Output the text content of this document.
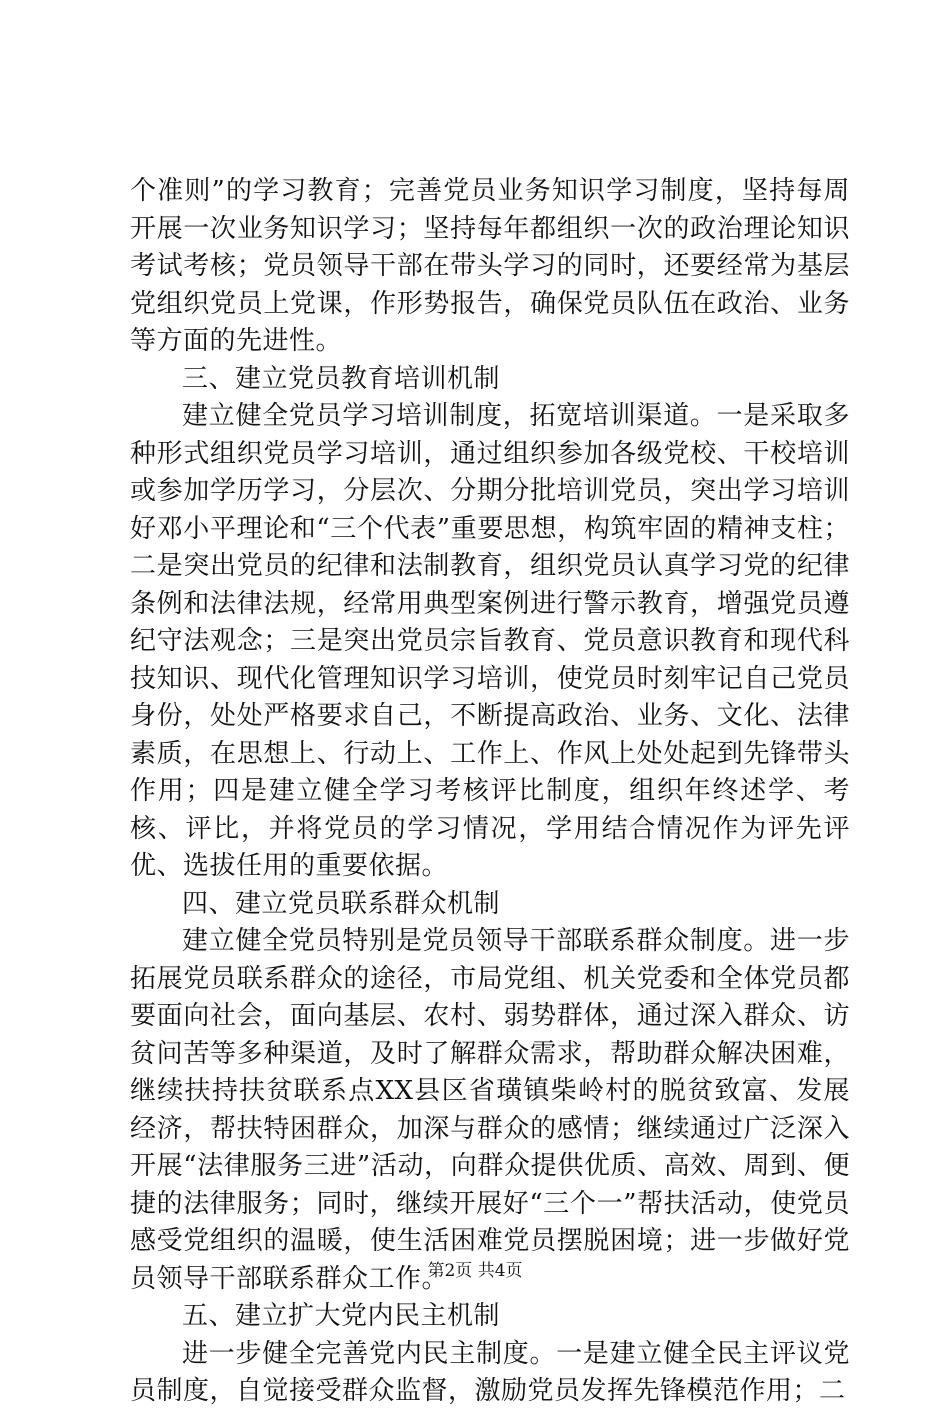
个准则”的学习教育；完善党员业务知识学习制度，坚持每周开展一次业务知识学习；坚持每年都组织一次的政治理论知识考试考核；党员领导干部在带头学习的同时，还要经常为基层党组织党员上党课，作形势报告，确保党员队伍在政治、业务等方面的先进性。

三、建立党员教育培训机制

建立健全党员学习培训制度，拓宽培训渠道。一是采取多种形式组织党员学习培训，通过组织参加各级党校、干校培训或参加学历学习，分层次、分期分批培训党员，突出学习培训好邓小平理论和“三个代表”重要思想，构筑牢固的精神支柱；二是突出党员的纪律和法制教育，组织党员认真学习党的纪律条例和法律法规，经常用典型案例进行警示教育，增强党员遵纪守法观念；三是突出党员宗旨教育、党员意识教育和现代科技知识、现代化管理知识学习培训，使党员时刻牢记自己党员身份，处处严格要求自己，不断提高政治、业务、文化、法律素质，在思想上、行动上、工作上、作风上处处起到先锋带头作用；四是建立健全学习考核评比制度，组织年终述学、考核、评比，并将党员的学习情况，学用结合情况作为评先评优、选拔任用的重要依据。

四、建立党员联系群众机制

建立健全党员特别是党员领导干部联系群众制度。进一步拓展党员联系群众的途径，市局党组、机关党委和全体党员都要面向社会，面向基层、农村、弱势群体，通过深入群众、访贫问苦等多种渠道，及时了解群众需求，帮助群众解决困难，继续扶持扶贫联系点XX县区省璜镇柴岭村的脱贫致富、发展经济，帮扶特困群众，加深与群众的感情；继续通过广泛深入开展“法律服务三进”活动，向群众提供优质、高效、周到、便捷的法律服务；同时，继续开展好“三个一”帮扶活动，使党员感受党组织的温暖，使生活困难党员摆脱困境；进一步做好党员领导干部联系群众工作。

五、建立扩大党内民主机制

进一步健全完善党内民主制度。一是建立健全民主评议党员制度，自觉接受群众监督，激励党员发挥先锋模范作用；二

第2页 共4页
